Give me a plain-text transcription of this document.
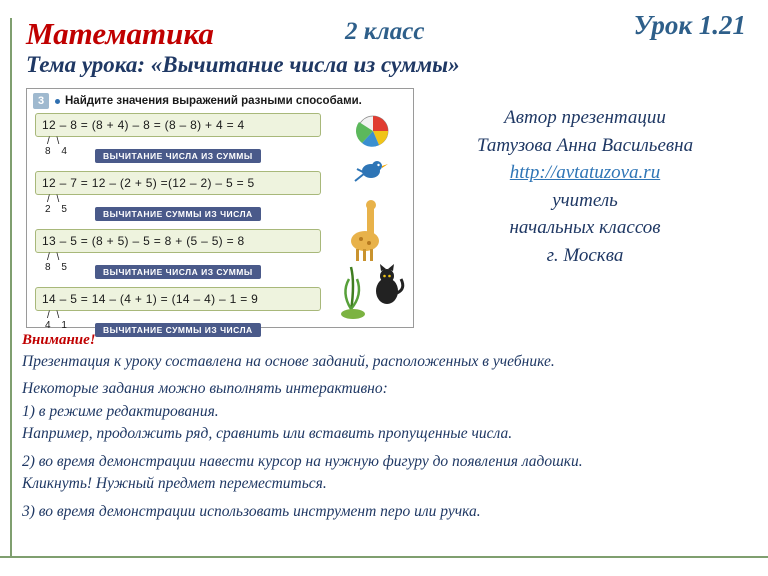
Математика	2 класс	Урок 1.21
Тема урока: «Вычитание числа из суммы»
3	Найдите значения выражений разными способами.
12 – 8 = (8 + 4) – 8 = (8 – 8) + 4 = 4
/ \
8 4	ВЫЧИТАНИЕ ЧИСЛА ИЗ СУММЫ
12 – 7 = 12 – (2 + 5) =(12 – 2) – 5 = 5
/ \
2 5	ВЫЧИТАНИЕ СУММЫ ИЗ ЧИСЛА
13 – 5 = (8 + 5) – 5 = 8 + (5 – 5) = 8
/ \
8 5	ВЫЧИТАНИЕ ЧИСЛА ИЗ СУММЫ
14 – 5 = 14 – (4 + 1) = (14 – 4) – 1 = 9
/ \
4 1	ВЫЧИТАНИЕ СУММЫ ИЗ ЧИСЛА
Автор презентации
Татузова Анна Васильевна
http://avtatuzova.ru
учитель
начальных классов
г. Москва
Внимание!
Презентация к уроку составлена на основе заданий, расположенных в учебнике.
Некоторые задания можно выполнять интерактивно:
1) в режиме редактирования.
Например, продолжить ряд, сравнить или вставить пропущенные числа.
2) во время демонстрации навести курсор на нужную фигуру до появления ладошки.
Кликнуть! Нужный предмет переместиться.
3) во время демонстрации использовать инструмент перо или ручка.
